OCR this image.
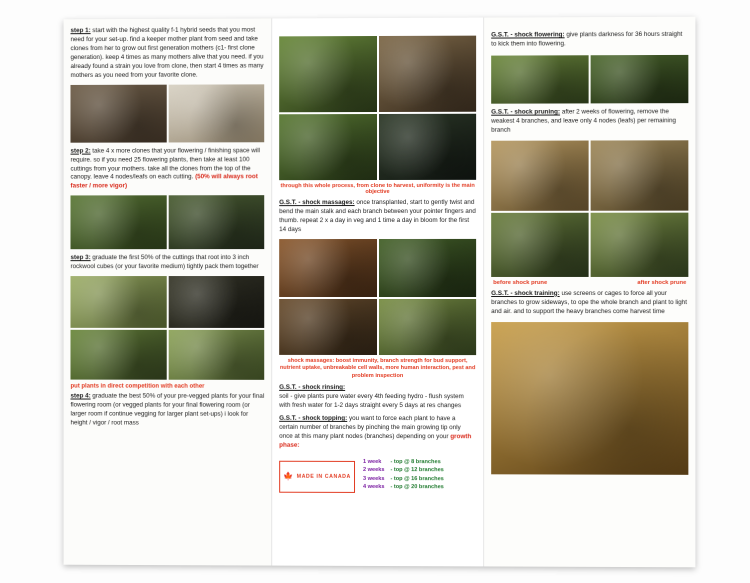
step 1: start with the highest quality f-1 hybrid seeds that you most need for your set-up. find a keeper mother plant from seed and take clones from her to grow out first generation mothers (c1- first clone generation). keep 4 times as many mothers alive that you need. if you already found a strain you love from clone, then start 4 times as many mothers as you need from your favorite clone.

step 2: take 4 x more clones that your flowering / finishing space will require. so if you need 25 flowering plants, then take at least 100 cuttings from your mothers. take all the clones from the top of the canopy. leave 4 nodes/leafs on each cutting. (50% will always root faster / more vigor)

step 3: graduate the first 50% of the cuttings that root into 3 inch rockwool cubes (or your favorite medium) tightly pack them together

put plants in direct competition with each other

step 4: graduate the best 50% of your pre-vegged plants for your final flowering room (or vegged plants for your final flowering room (or larger room if continue vegging for larger plant set-ups) i look for height / vigor / root mass

through this whole process, from clone to harvest, uniformity is the main objective

G.S.T. - shock massages: once transplanted, start to gently twist and bend the main stalk and each branch between your pointer fingers and thumb. repeat 2 x a day in veg and 1 time a day in bloom for the first 14 days

shock massages: boost immunity, branch strength for bud support, nutrient uptake, unbreakable cell walls, more human interaction, pest and problem inspection

G.S.T. - shock rinsing:
soil - give plants pure water every 4th feeding hydro - flush system with fresh water for 1-2 days straight every 5 days at res changes

G.S.T. - shock topping: you want to force each plant to have a certain number of branches by pinching the main growing tip only once at this many plant nodes (branches) depending on your growth phase:

🍁 MADE IN CANADA
1 week
2 weeks
3 weeks
4 weeks
- top @ 8 branches
- top @ 12 branches
- top @ 16 branches
- top @ 20 branches

G.S.T. - shock flowering: give plants darkness for 36 hours straight to kick them into flowering.

G.S.T. - shock pruning: after 2 weeks of flowering, remove the weakest 4 branches, and leave only 4 nodes (leafs) per remaining branch

before shock prune	after shock prune

G.S.T. - shock training: use screens or cages to force all your branches to grow sideways, to ope the whole branch and plant to light and air. and to support the heavy branches come harvest time
